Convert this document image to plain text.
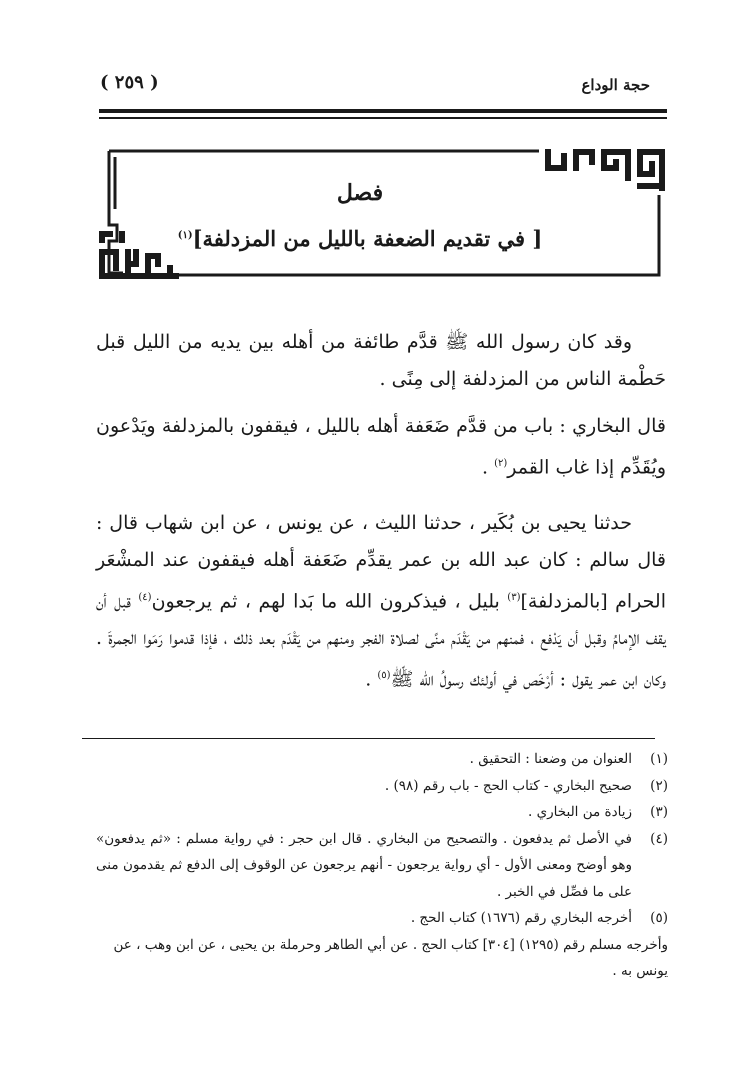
( ٢٥٩ )	حجة الوداع
فصل
[ في تقديم الضعفة بالليل من المزدلفة]$^{(١)}$
وقد كان رسول الله ﷺ قدَّم طائفة من أهله بين يديه من الليل قبل حَطْمة الناس من المزدلفة إلى مِنًى .
قال البخاري : باب من قدَّم ضَعَفة أهله بالليل ، فيقفون بالمزدلفة ويَدْعون ويُقَدِّم إذا غاب القمر$^{(٢)}$ .
حدثنا يحيى بن بُكَير ، حدثنا الليث ، عن يونس ، عن ابن شهاب قال : قال سالم : كان عبد الله بن عمر يقدِّم ضَعَفة أهله فيقفون عند المشْعَر الحرام [بالمزدلفة]$^{(٣)}$ بليل ، فيذكرون الله ما بَدا لهم ، ثم يرجعون$^{(٤)}$ قبل أن يقف الإمامُ وقبل أن يَدْفع ، فمنهم من يَقْدَم منًى لصلاة الفجر ومنهم من يَقْدَم بعد ذلك ، فإذا قدموا رَمَوا الجمرةَ . وكان ابن عمر يقول : أرْخَص في أولئك رسولُ الله ﷺ$^{(٥)}$ .
(١)
العنوان من وضعنا : التحقيق .
(٢)
صحيح البخاري - كتاب الحج - باب رقم (٩٨) .
(٣)
زيادة من البخاري .
(٤)
في الأصل ثم يدفعون . والتصحيح من البخاري . قال ابن حجر : في رواية مسلم : «ثم يدفعون» وهو أوضح ومعنى الأول - أي رواية يرجعون - أنهم يرجعون عن الوقوف إلى الدفع ثم يقدمون منى على ما فصِّل في الخبر .
(٥)
أخرجه البخاري رقم (١٦٧٦) كتاب الحج .
وأخرجه مسلم رقم (١٢٩٥) [٣٠٤] كتاب الحج . عن أبي الطاهر وحرملة بن يحيى ، عن ابن وهب ، عن يونس به .
